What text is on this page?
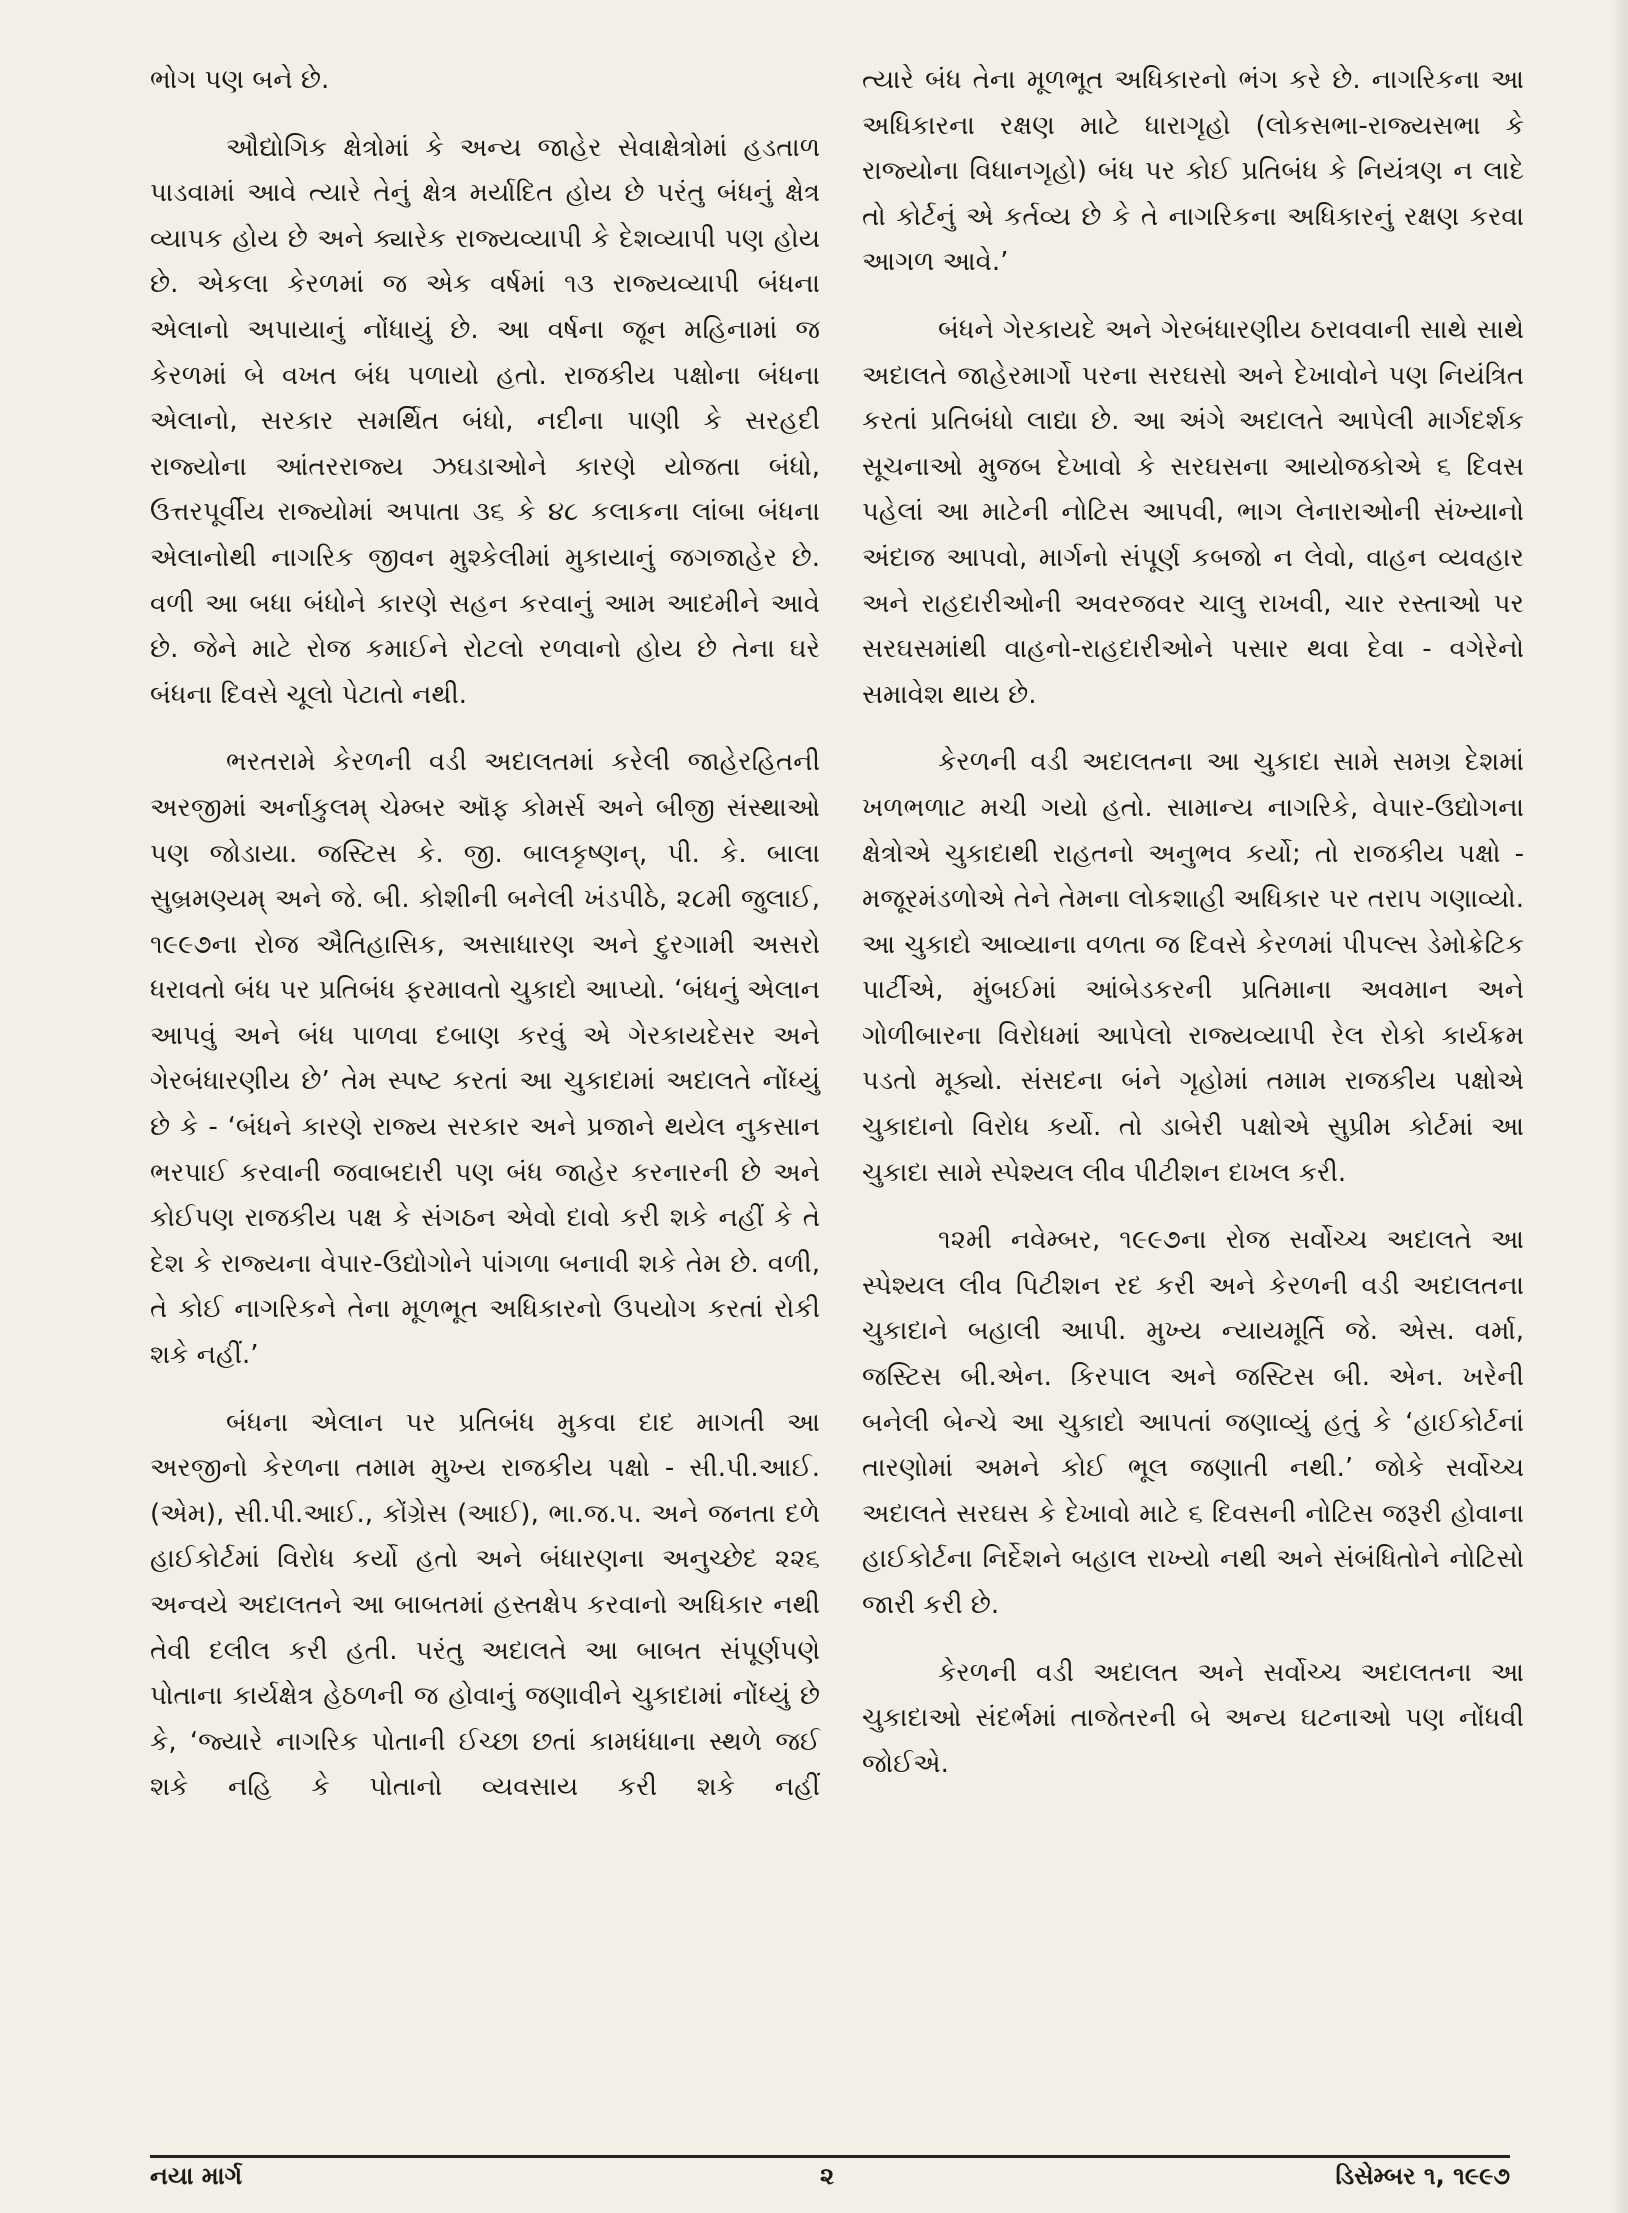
ભોગ પણ બને છે.

ઔદ્યોગિક ક્ષેત્રોમાં કે અન્ય જાહેર સેવાક્ષેત્રોમાં હડતાળ પાડવામાં આવે ત્યારે તેનું ક્ષેત્ર મર્યાદિત હોય છે પરંતુ બંધનું ક્ષેત્ર વ્યાપક હોય છે અને ક્યારેક રાજ્યવ્યાપી કે દેશવ્યાપી પણ હોય છે. એકલા કેરળમાં જ એક વર્ષમાં ૧૩ રાજ્યવ્યાપી બંધના એલાનો અપાયાનું નોંધાયું છે. આ વર્ષના જૂન મહિનામાં જ કેરળમાં બે વખત બંધ પળાયો હતો. રાજકીય પક્ષોના બંધના એલાનો, સરકાર સમર્થિત બંધો, નદીના પાણી કે સરહદી રાજ્યોના આંતરરાજ્ય ઝઘડાઓને કારણે યોજતા બંધો, ઉત્તરપૂર્વીય રાજ્યોમાં અપાતા ૩૬ કે ૪૮ કલાકના લાંબા બંધના એલાનોથી નાગરિક જીવન મુશ્કેલીમાં મુકાયાનું જગજાહેર છે. વળી આ બધા બંધોને કારણે સહન કરવાનું આમ આદમીને આવે છે. જેને માટે રોજ કમાઈને રોટલો રળવાનો હોય છે તેના ઘરે બંધના દિવસે ચૂલો પેટાતો નથી.

ભરતરામે કેરળની વડી અદાલતમાં કરેલી જાહેરહિતની અરજીમાં અર્નાકુલમ્ ચેમ્બર ઑફ કોમર્સ અને બીજી સંસ્થાઓ પણ જોડાયા. જસ્ટિસ કે. જી. બાલકૃષ્ણન્, પી. કે. બાલા સુબ્રમણ્યમ્ અને જે. બી. કોશીની બનેલી ખંડપીઠે, ૨૮મી જુલાઈ, ૧૯૯૭ના રોજ ઐતિહાસિક, અસાધારણ અને દુરગામી અસરો ધરાવતો બંધ પર પ્રતિબંધ ફરમાવતો ચુકાદો આપ્યો. ‘બંધનું એલાન આપવું અને બંધ પાળવા દબાણ કરવું એ ગેરકાયદેસર અને ગેરબંધારણીય છે’ તેમ સ્પષ્ટ કરતાં આ ચુકાદામાં અદાલતે નોંધ્યું છે કે - ‘બંધને કારણે રાજ્ય સરકાર અને પ્રજાને થયેલ નુકસાન ભરપાઈ કરવાની જવાબદારી પણ બંધ જાહેર કરનારની છે અને કોઈપણ રાજકીય પક્ષ કે સંગઠન એવો દાવો કરી શકે નહીં કે તે દેશ કે રાજ્યના વેપાર-ઉદ્યોગોને પાંગળા બનાવી શકે તેમ છે. વળી, તે કોઈ નાગરિકને તેના મૂળભૂત અધિકારનો ઉપયોગ કરતાં રોકી શકે નહીં.’

બંધના એલાન પર પ્રતિબંધ મુકવા દાદ માગતી આ અરજીનો કેરળના તમામ મુખ્ય રાજકીય પક્ષો - સી.પી.આઈ. (એમ), સી.પી.આઈ., કોંગ્રેસ (આઈ), ભા.જ.પ. અને જનતા દળે હાઈકોર્ટમાં વિરોધ કર્યો હતો અને બંધારણના અનુચ્છેદ ૨૨૬ અન્વયે અદાલતને આ બાબતમાં હસ્તક્ષેપ કરવાનો અધિકાર નથી તેવી દલીલ કરી હતી. પરંતુ અદાલતે આ બાબત સંપૂર્ણપણે પોતાના કાર્યક્ષેત્ર હેઠળની જ હોવાનું જણાવીને ચુકાદામાં નોંધ્યું છે કે, ‘જ્યારે નાગરિક પોતાની ઈચ્છા છતાં કામધંધાના સ્થળે જઈ શકે નહિ કે પોતાનો વ્યવસાય કરી શકે નહીં

ત્યારે બંધ તેના મૂળભૂત અધિકારનો ભંગ કરે છે. નાગરિકના આ અધિકારના રક્ષણ માટે ધારાગૃહો (લોકસભા-રાજ્યસભા કે રાજ્યોના વિધાનગૃહો) બંધ પર કોઈ પ્રતિબંધ કે નિયંત્રણ ન લાદે તો કોર્ટનું એ કર્તવ્ય છે કે તે નાગરિકના અધિકારનું રક્ષણ કરવા આગળ આવે.’

બંધને ગેરકાયદે અને ગેરબંધારણીય ઠરાવવાની સાથે સાથે અદાલતે જાહેરમાર્ગો પરના સરઘસો અને દેખાવોને પણ નિયંત્રિત કરતાં પ્રતિબંધો લાદ્યા છે. આ અંગે અદાલતે આપેલી માર્ગદર્શક સૂચનાઓ મુજબ દેખાવો કે સરઘસના આયોજકોએ ૬ દિવસ પહેલાં આ માટેની નોટિસ આપવી, ભાગ લેનારાઓની સંખ્યાનો અંદાજ આપવો, માર્ગનો સંપૂર્ણ કબજો ન લેવો, વાહન વ્યવહાર અને રાહદારીઓની અવરજવર ચાલુ રાખવી, ચાર રસ્તાઓ પર સરઘસમાંથી વાહનો-રાહદારીઓને પસાર થવા દેવા - વગેરેનો સમાવેશ થાય છે.

કેરળની વડી અદાલતના આ ચુકાદા સામે સમગ્ર દેશમાં ખળભળાટ મચી ગયો હતો. સામાન્ય નાગરિકે, વેપાર-ઉદ્યોગના ક્ષેત્રોએ ચુકાદાથી રાહતનો અનુભવ કર્યો; તો રાજકીય પક્ષો - મજૂરમંડળોએ તેને તેમના લોકશાહી અધિકાર પર તરાપ ગણાવ્યો. આ ચુકાદો આવ્યાના વળતા જ દિવસે કેરળમાં પીપલ્સ ડેમોક્રેટિક પાર્ટીએ, મુંબઈમાં આંબેડકરની પ્રતિમાના અવમાન અને ગોળીબારના વિરોધમાં આપેલો રાજ્યવ્યાપી રેલ રોકો કાર્યક્રમ પડતો મૂક્યો. સંસદના બંને ગૃહોમાં તમામ રાજકીય પક્ષોએ ચુકાદાનો વિરોધ કર્યો. તો ડાબેરી પક્ષોએ સુપ્રીમ કોર્ટમાં આ ચુકાદા સામે સ્પેશ્યલ લીવ પીટીશન દાખલ કરી.

૧૨મી નવેમ્બર, ૧૯૯૭ના રોજ સર્વોચ્ચ અદાલતે આ સ્પેશ્યલ લીવ પિટીશન રદ કરી અને કેરળની વડી અદાલતના ચુકાદાને બહાલી આપી. મુખ્ય ન્યાયમૂર્તિ જે. એસ. વર્મા, જસ્ટિસ બી.એન. કિરપાલ અને જસ્ટિસ બી. એન. ખરેની બનેલી બેન્ચે આ ચુકાદો આપતાં જણાવ્યું હતું કે ‘હાઈકોર્ટનાં તારણોમાં અમને કોઈ ભૂલ જણાતી નથી.’ જોકે સર્વોચ્ચ અદાલતે સરઘસ કે દેખાવો માટે ૬ દિવસની નોટિસ જરૂરી હોવાના હાઈકોર્ટના નિર્દેશને બહાલ રાખ્યો નથી અને સંબંધિતોને નોટિસો જારી કરી છે.

કેરળની વડી અદાલત અને સર્વોચ્ચ અદાલતના આ ચુકાદાઓ સંદર્ભમાં તાજેતરની બે અન્ય ઘટનાઓ પણ નોંધવી જોઈએ.

નયા માર્ગ	૨	ડિસેમ્બર ૧, ૧૯૯૭
